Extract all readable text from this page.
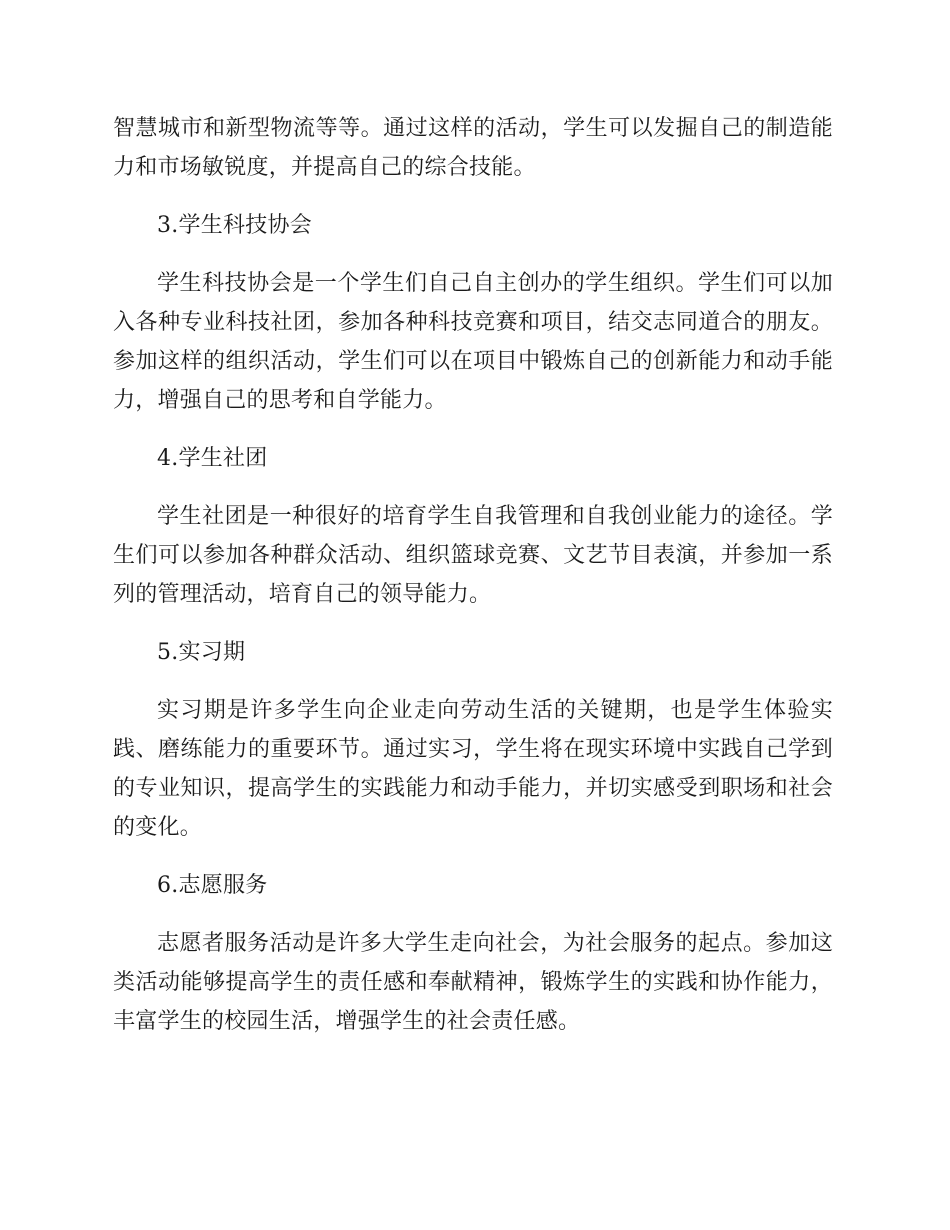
智慧城市和新型物流等等。通过这样的活动，学生可以发掘自己的制造能力和市场敏锐度，并提高自己的综合技能。

3.学生科技协会

学生科技协会是一个学生们自己自主创办的学生组织。学生们可以加入各种专业科技社团，参加各种科技竞赛和项目，结交志同道合的朋友。参加这样的组织活动，学生们可以在项目中锻炼自己的创新能力和动手能力，增强自己的思考和自学能力。

4.学生社团

学生社团是一种很好的培育学生自我管理和自我创业能力的途径。学生们可以参加各种群众活动、组织篮球竞赛、文艺节目表演，并参加一系列的管理活动，培育自己的领导能力。

5.实习期

实习期是许多学生向企业走向劳动生活的关键期，也是学生体验实践、磨练能力的重要环节。通过实习，学生将在现实环境中实践自己学到的专业知识，提高学生的实践能力和动手能力，并切实感受到职场和社会的变化。

6.志愿服务

志愿者服务活动是许多大学生走向社会，为社会服务的起点。参加这类活动能够提高学生的责任感和奉献精神，锻炼学生的实践和协作能力，丰富学生的校园生活，增强学生的社会责任感。
